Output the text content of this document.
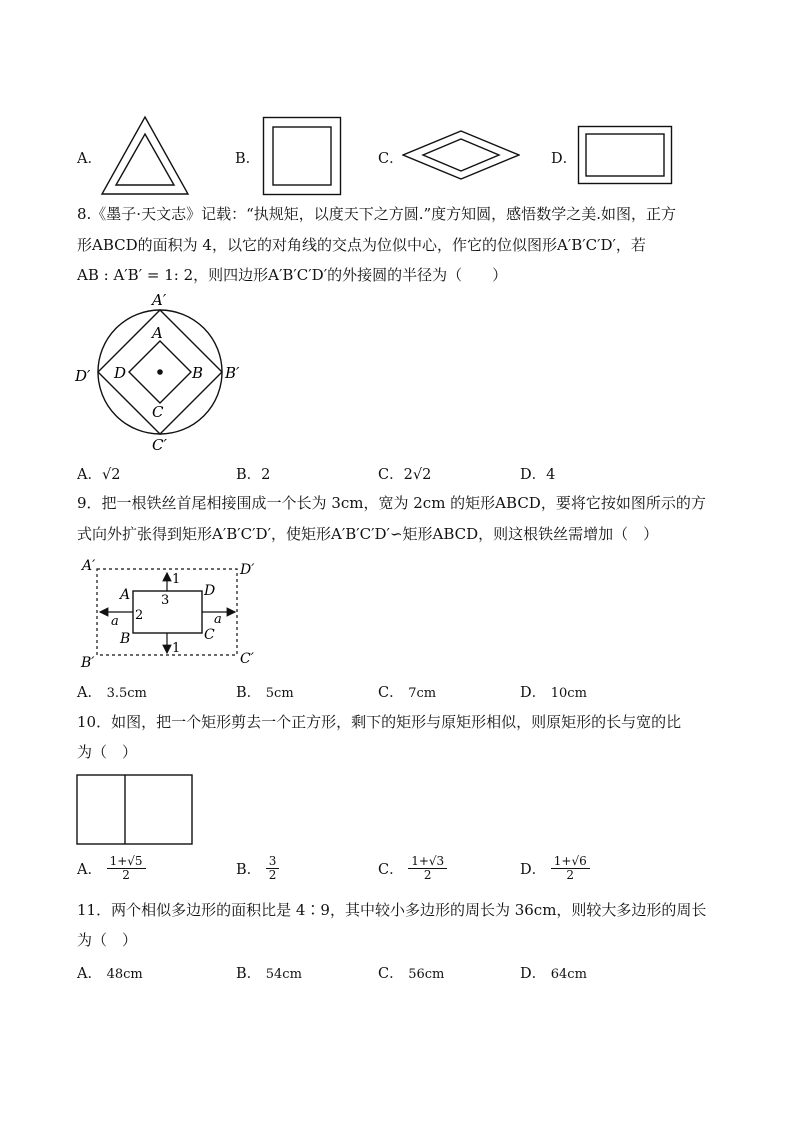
A．	B．	C．	D．
8.《墨子·天文志》记载：“执规矩，以度天下之方圆.”度方知圆，感悟数学之美.如图，正方
形ABCD的面积为 4，以它的对角线的交点为位似中心，作它的位似图形A′B′C′D′，若
AB : A′B′ = 1: 2，则四边形A′B′C′D′的外接圆的半径为（　　）
A′
A
B′
B
C
C′
D
D′
A．√2	B．2	C．2√2	D．4
9．把一根铁丝首尾相接围成一个长为 3cm，宽为 2cm 的矩形ABCD，要将它按如图所示的方
式向外扩张得到矩形A′B′C′D′，使矩形A′B′C′D′∽矩形ABCD，则这根铁丝需增加（　）
A′	D′
B′	C′
A	D
B	C
1
1
3
2
a	a
A． 3.5cm	B． 5cm	C． 7cm	D． 10cm
10．如图，把一个矩形剪去一个正方形，剩下的矩形与原矩形相似，则原矩形的长与宽的比
为（　）
A． $\frac{1+√5}{2}$	B． $\frac{3}{2}$	C． $\frac{1+√3}{2}$	D． $\frac{1+√6}{2}$
11．两个相似多边形的面积比是 4∶9，其中较小多边形的周长为 36cm，则较大多边形的周长
为（　）
A． 48cm	B． 54cm	C． 56cm	D． 64cm
